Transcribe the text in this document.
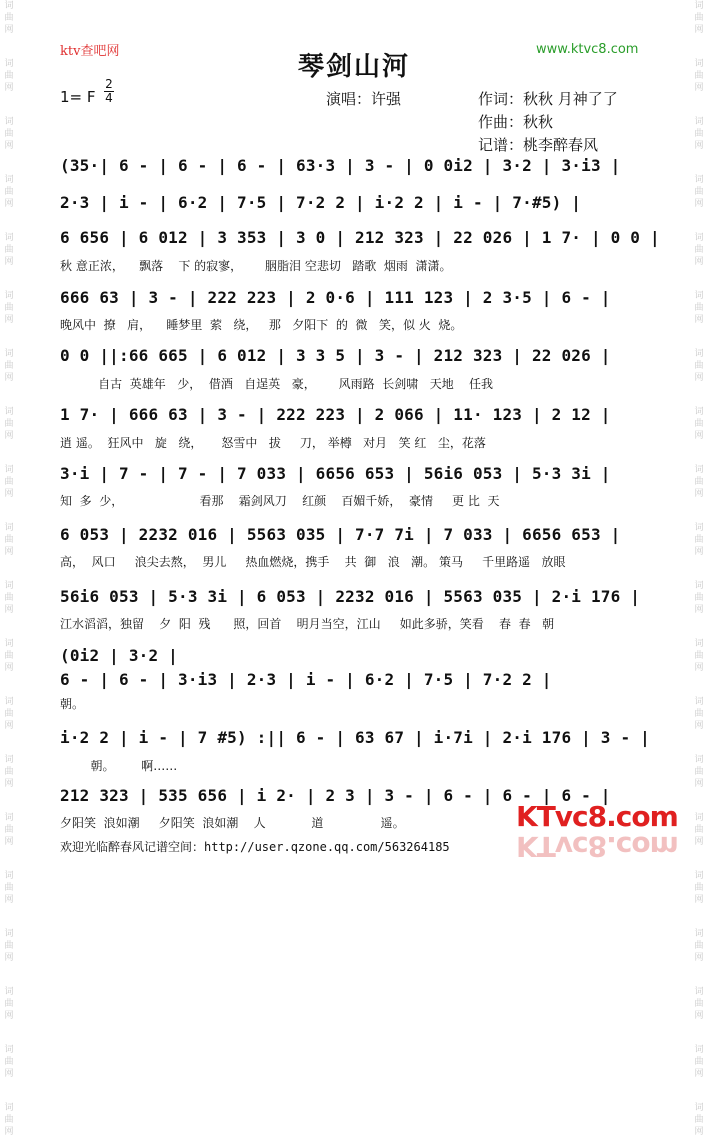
词
曲
网
词
曲
网
词
曲
网
词
曲
网
词
曲
网
词
曲
网
词
曲
网
词
曲
网
词
曲
网
词
曲
网
词
曲
网
词
曲
网
词
曲
网
词
曲
网
词
曲
网
词
曲
网
词
曲
网
词
曲
网
词
曲
网
词
曲
网
词
曲
网
词
曲
网
词
曲
网
词
曲
网
词
曲
网
词
曲
网
词
曲
网
词
曲
网
词
曲
网
词
曲
网
词
曲
网
词
曲
网
词
曲
网
词
曲
网
词
曲
网
词
曲
网
词
曲
网
词
曲
网
词
曲
网
词
曲
网
ktv查吧网	www.ktvc8.com
琴剑山河
1= F
2
4	演唱：许强	作词：秋秋 月神了了
作曲：秋秋
记谱：桃李醉春风
(35·| 6 - | 6 - | 6 - | 63·3 | 3 - | 0 0i2 | 3·2 | 3·i3 |
2·3 | i - | 6·2 | 7·5 | 7·2 2 | i·2 2 | i - | 7·#5) |
6 656 | 6 012 | 3 353 | 3 0 | 212 323 | 22 026 | 1 7· | 0 0 |
秋 意正浓，    飘落    下 的寂寥，      胭脂泪 空悲切   踏歌  烟雨  潇潇。
666 63 | 3 - | 222 223 | 2 0·6 | 111 123 | 2 3·5 | 6 - |
晚风中  撩   肩，    睡梦里  萦   绕，   那   夕阳下  的  微   笑，似 火  烧。
0 0 ||:66 665 | 6 012 | 3 3 5 | 3 - | 212 323 | 22 026 |
自古  英雄年   少，  借酒   自逞英   豪，      风雨路  长剑啸   天地    任我
1 7· | 666 63 | 3 - | 222 223 | 2 066 | 11· 123 | 2 12 |
逍 遥。  狂风中   旋   绕，     怒雪中   拔     刀， 举樽   对月   笑 红   尘，花落
3·i | 7 - | 7 - | 7 033 | 6656 653 | 56i6 053 | 5·3 3i |
知  多  少，                    看那    霜剑风刀    红颜    百媚千娇，  豪情     更 比  天
6 053 | 2232 016 | 5563 035 | 7·7 7i | 7 033 | 6656 653 |
高，  风口     浪尖去熬，  男儿     热血燃烧，携手    共  御   浪   潮。 策马     千里路遥   放眼
56i6 053 | 5·3 3i | 6 053 | 2232 016 | 5563 035 | 2·i 176 |
江水滔滔，独留    夕  阳  残      照，回首    明月当空，江山     如此多骄，笑看    春  春   朝
(0i2 | 3·2 |
6 - | 6 - | 3·i3 | 2·3 | i - | 6·2 | 7·5 | 7·2 2 |
朝。
i·2 2 | i - | 7 #5) :|| 6 - | 63 67 | i·7i | 2·i 176 | 3 - |
朝。       啊……
212 323 | 535 656 | i 2· | 2 3 | 3 - | 6 - | 6 - | 6 - |
夕阳笑  浪如潮     夕阳笑  浪如潮    人            道               遥。
欢迎光临醉春风记谱空间：http://user.qzone.qq.com/563264185
KTvc8.com
KTvc8.com
